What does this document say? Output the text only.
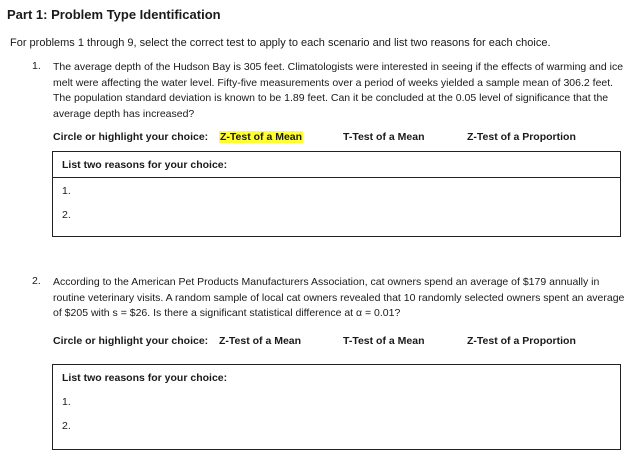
Part 1: Problem Type Identification
For problems 1 through 9, select the correct test to apply to each scenario and list two reasons for each choice.
1. The average depth of the Hudson Bay is 305 feet. Climatologists were interested in seeing if the effects of warming and ice
melt were affecting the water level. Fifty-five measurements over a period of weeks yielded a sample mean of 306.2 feet.
The population standard deviation is known to be 1.89 feet. Can it be concluded at the 0.05 level of significance that the
average depth has increased?
Circle or highlight your choice: Z-Test of a Mean	T-Test of a Mean	Z-Test of a Proportion
List two reasons for your choice:
1.
2.
2. According to the American Pet Products Manufacturers Association, cat owners spend an average of $179 annually in
routine veterinary visits. A random sample of local cat owners revealed that 10 randomly selected owners spent an average
of $205 with s = $26. Is there a significant statistical difference at α = 0.01?
Circle or highlight your choice: Z-Test of a Mean	T-Test of a Mean	Z-Test of a Proportion
List two reasons for your choice:
1.
2.
